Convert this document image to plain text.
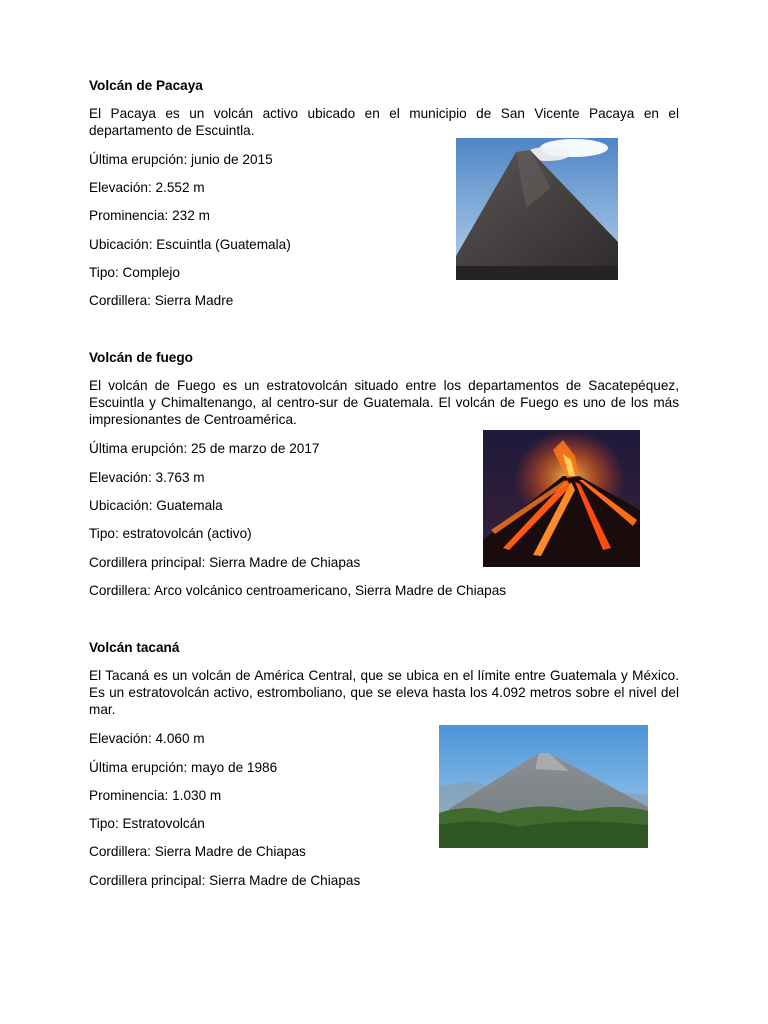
Volcán de Pacaya
El Pacaya es un volcán activo ubicado en el municipio de San Vicente Pacaya en el departamento de Escuintla.
Última erupción: junio de 2015
Elevación: 2.552 m
Prominencia: 232 m
Ubicación: Escuintla (Guatemala)
Tipo: Complejo
Cordillera: Sierra Madre
Volcán de fuego
El volcán de Fuego es un estratovolcán situado entre los departamentos de Sacatepéquez, Escuintla y Chimaltenango, al centro-sur de Guatemala. El volcán de Fuego es uno de los más impresionantes de Centroamérica.
Última erupción: 25 de marzo de 2017
Elevación: 3.763 m
Ubicación: Guatemala
Tipo: estratovolcán (activo)
Cordillera principal: Sierra Madre de Chiapas
Cordillera: Arco volcánico centroamericano, Sierra Madre de Chiapas
Volcán tacaná
El Tacaná es un volcán de América Central, que se ubica en el límite entre Guatemala y México. Es un estratovolcán activo, estromboliano, que se eleva hasta los 4.092 metros sobre el nivel del mar.
Elevación: 4.060 m
Última erupción: mayo de 1986
Prominencia: 1.030 m
Tipo: Estratovolcán
Cordillera: Sierra Madre de Chiapas
Cordillera principal: Sierra Madre de Chiapas
